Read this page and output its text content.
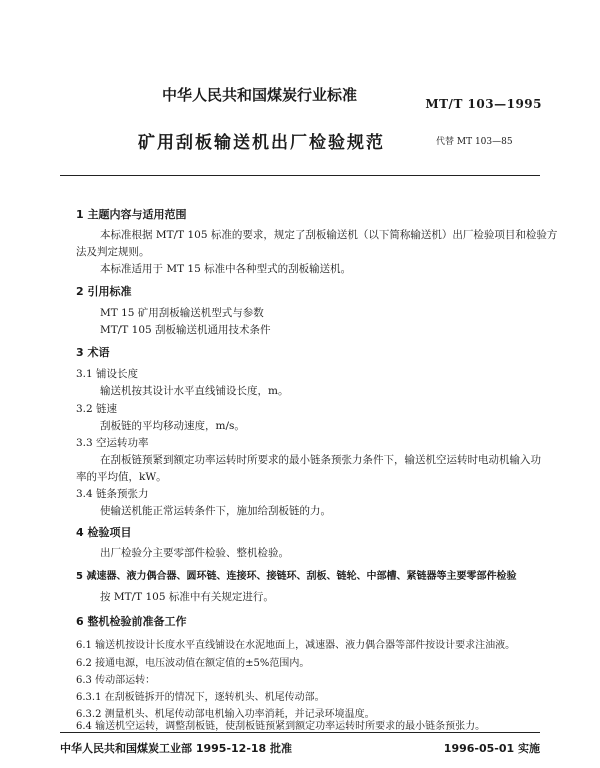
中华人民共和国煤炭行业标准	MT/T 103—1995
矿用刮板输送机出厂检验规范	代替 MT 103—85
1 主题内容与适用范围
本标准根据 MT/T 105 标准的要求，规定了刮板输送机（以下简称输送机）出厂检验项目和检验方
法及判定规则。
本标准适用于 MT 15 标准中各种型式的刮板输送机。
2 引用标准
MT 15 矿用刮板输送机型式与参数
MT/T 105 刮板输送机通用技术条件
3 术语
3.1 铺设长度
输送机按其设计水平直线铺设长度，m。
3.2 链速
刮板链的平均移动速度，m/s。
3.3 空运转功率
在刮板链预紧到额定功率运转时所要求的最小链条预张力条件下，输送机空运转时电动机输入功
率的平均值，kW。
3.4 链条预张力
使输送机能正常运转条件下，施加给刮板链的力。
4 检验项目
出厂检验分主要零部件检验、整机检验。
5 减速器、液力偶合器、圆环链、连接环、接链环、刮板、链轮、中部槽、紧链器等主要零部件检验
按 MT/T 105 标准中有关规定进行。
6 整机检验前准备工作
6.1 输送机按设计长度水平直线铺设在水泥地面上，减速器、液力偶合器等部件按设计要求注油液。
6.2 接通电源，电压波动值在额定值的±5%范围内。
6.3 传动部运转：
6.3.1 在刮板链拆开的情况下，逐转机头、机尾传动部。
6.3.2 测量机头、机尾传动部电机输入功率消耗，并记录环境温度。
6.4 输送机空运转，调整刮板链，使刮板链预紧到额定功率运转时所要求的最小链条预张力。
中华人民共和国煤炭工业部 1995-12-18 批准	1996-05-01 实施
